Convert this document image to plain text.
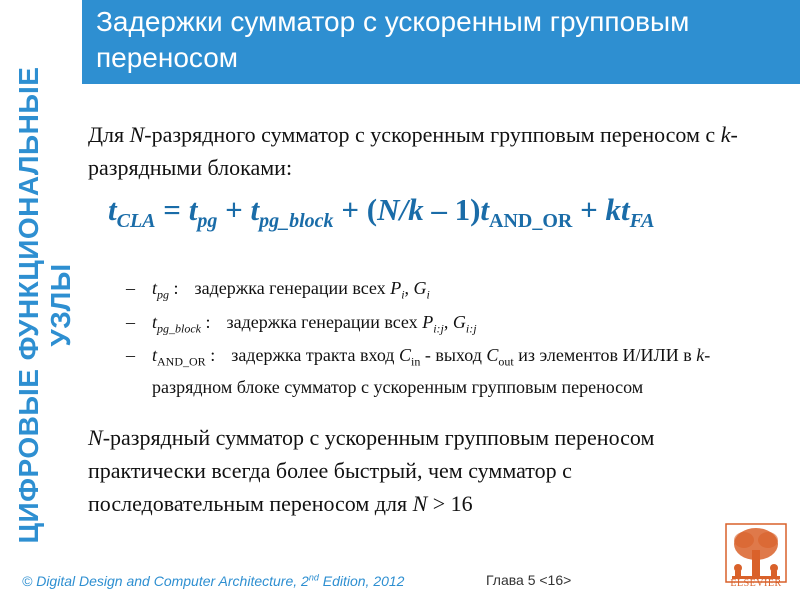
ЦИФРОВЫЕ ФУНКЦИОНАЛЬНЫЕ УЗЛЫ
Задержки сумматор с ускоренным групповым переносом
Для N-разрядного сумматор с ускоренным групповым переносом с k-разрядными блоками:
$t_{CLA} = t_{pg} + t_{pg\_block} + (N/k - 1)t_{AND\_OR} + kt_{FA}$
– $t_{pg}$ : задержка генерации всех $P_i$, $G_i$
– $t_{pg\_block}$ : задержка генерации всех $P_{i:j}$, $G_{i:j}$
– $t_{AND\_OR}$ : задержка тракта вход $C_{in}$ - выход $C_{out}$ из элементов И/ИЛИ в k-разрядном блоке сумматор с ускоренным групповым переносом
N-разрядный сумматор с ускоренным групповым переносом практически всегда более быстрый, чем сумматор с последовательным переносом для N > 16
© Digital Design and Computer Architecture, 2nd Edition, 2012	Глава 5 <16>	ELSEVIER
